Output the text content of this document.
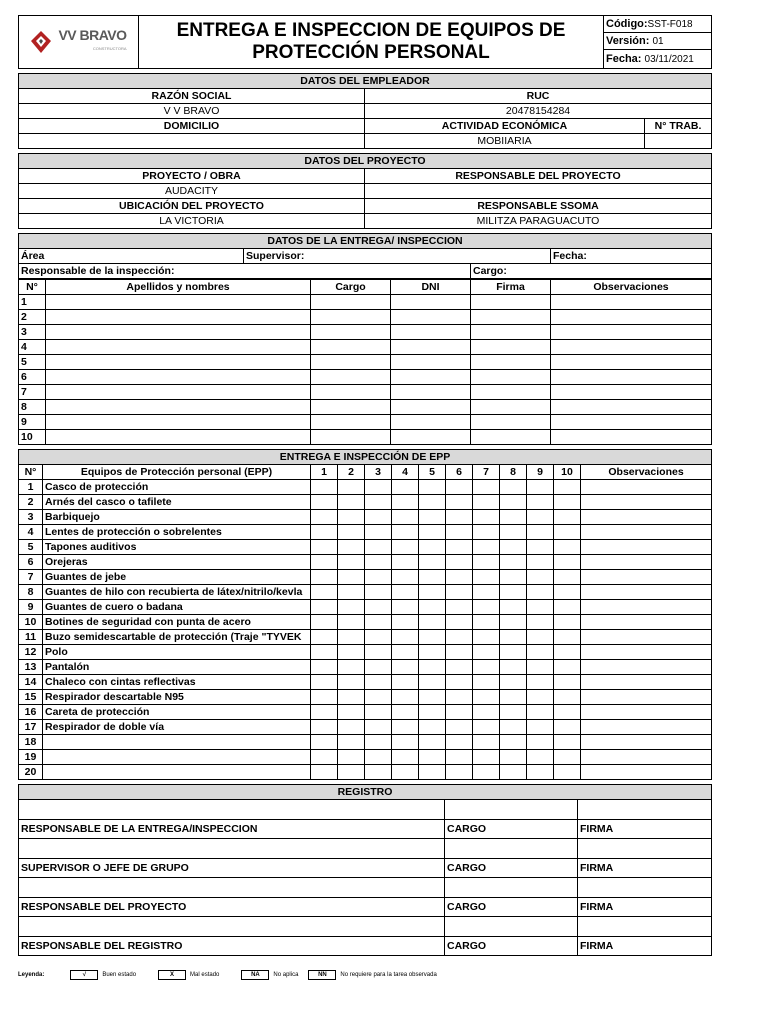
VV BRAVO
CONSTRUCTORA

ENTREGA E INSPECCION DE EQUIPOS DE
PROTECCIÓN PERSONAL
	Código:SST-F018
Versión: 01
Fecha: 03/11/2021
DATOS DEL EMPLEADOR		
RAZÓN SOCIAL	RUC	
V V BRAVO	20478154284	
DOMICILIO	ACTIVIDAD ECONÓMICA	N° TRAB.
	MOBIIARIA	
DATOS DEL PROYECTO	
PROYECTO / OBRA	RESPONSABLE DEL PROYECTO
AUDACITY	
UBICACIÓN DEL PROYECTO	RESPONSABLE SSOMA
LA VICTORIA	MILITZA PARAGUACUTO
DATOS DE LA ENTREGA/ INSPECCION			
Área	Supervisor:		Fecha:
Responsable de la inspección:		Cargo:	
N°	Apellidos y nombres	Cargo	DNI	Firma	Observaciones
1					
2					
3					
4					
5					
6					
7					
8					
9					
10					
ENTREGA E INSPECCIÓN DE EPP												
N°	Equipos de Protección personal (EPP)	1	2	3	4	5	6	7	8	9	10	Observaciones
1	Casco de protección											
2	Arnés del casco o tafilete											
3	Barbiquejo											
4	Lentes de protección o sobrelentes											
5	Tapones auditivos											
6	Orejeras											
7	Guantes de jebe											
8	Guantes de hilo con recubierta de látex/nitrilo/kevla											
9	Guantes de cuero o badana											
10	Botines de seguridad con punta de acero											
11	Buzo semidescartable de protección (Traje "TYVEK											
12	Polo											
13	Pantalón											
14	Chaleco con cintas reflectivas											
15	Respirador descartable N95											
16	Careta de protección											
17	Respirador de doble vía											
18												
19												
20												
REGISTRO		

RESPONSABLE DE LA ENTREGA/INSPECCION	CARGO	FIRMA

SUPERVISOR O JEFE DE GRUPO	CARGO	FIRMA

RESPONSABLE DEL PROYECTO	CARGO	FIRMA

RESPONSABLE DEL REGISTRO	CARGO	FIRMA
Leyenda:	√	Buen estado	X	Mal estado	NA	No aplica	NN	No requiere para la tarea observada
